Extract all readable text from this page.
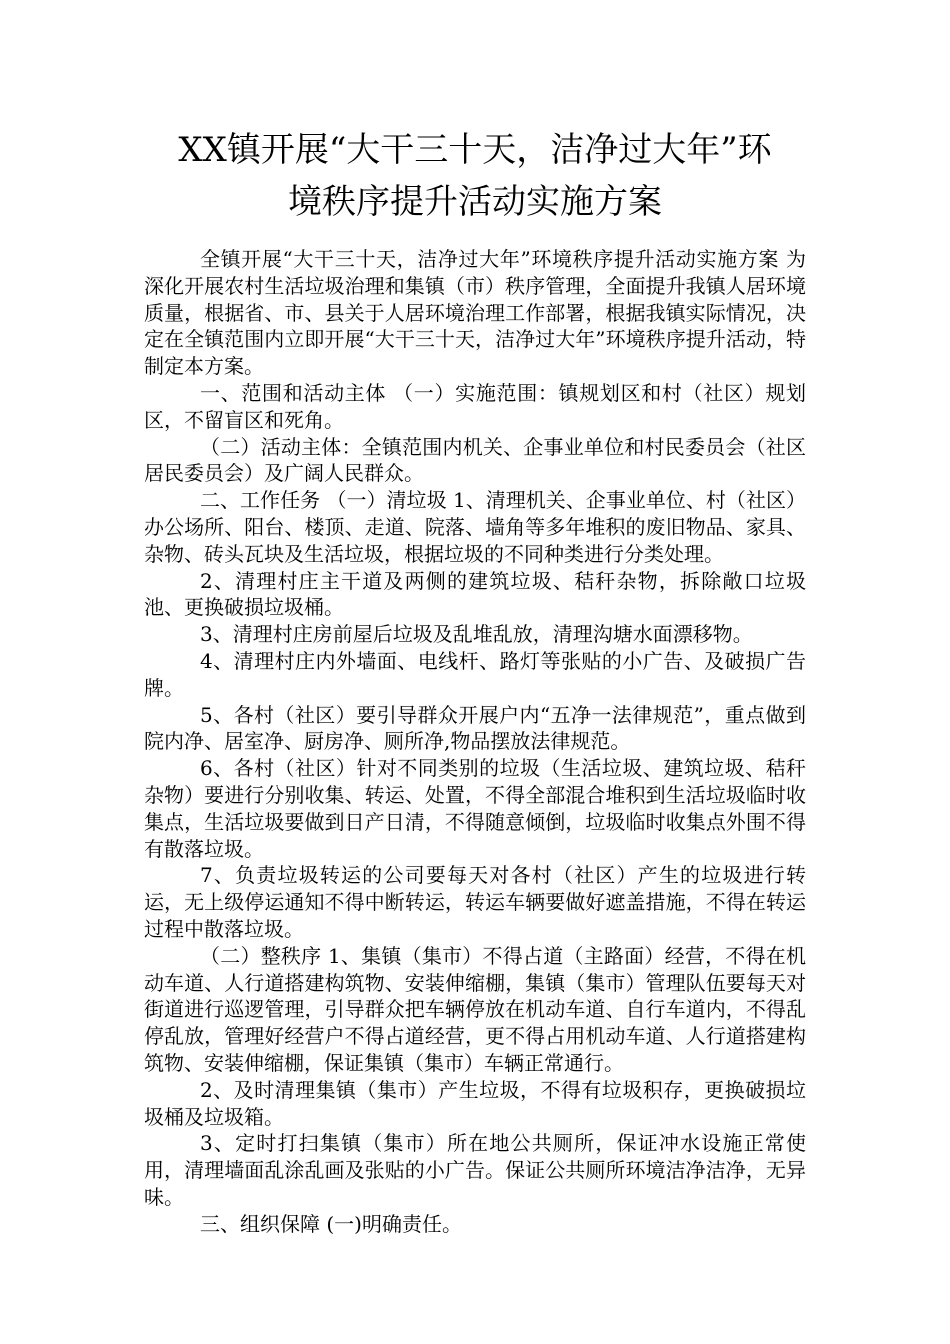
XX镇开展“大干三十天，洁净过大年”环
境秩序提升活动实施方案

全镇开展“大干三十天，洁净过大年”环境秩序提升活动实施方案 为深化开展农村生活垃圾治理和集镇（市）秩序管理，全面提升我镇人居环境质量，根据省、市、县关于人居环境治理工作部署，根据我镇实际情况，决定在全镇范围内立即开展“大干三十天，洁净过大年”环境秩序提升活动，特制定本方案。

一、范围和活动主体 （一）实施范围：镇规划区和村（社区）规划区，不留盲区和死角。

（二）活动主体：全镇范围内机关、企事业单位和村民委员会（社区居民委员会）及广阔人民群众。

二、工作任务 （一）清垃圾 1、清理机关、企事业单位、村（社区）办公场所、阳台、楼顶、走道、院落、墙角等多年堆积的废旧物品、家具、杂物、砖头瓦块及生活垃圾，根据垃圾的不同种类进行分类处理。

2、清理村庄主干道及两侧的建筑垃圾、秸秆杂物，拆除敞口垃圾池、更换破损垃圾桶。

3、清理村庄房前屋后垃圾及乱堆乱放，清理沟塘水面漂移物。

4、清理村庄内外墙面、电线杆、路灯等张贴的小广告、及破损广告牌。

5、各村（社区）要引导群众开展户内“五净一法律规范”，重点做到院内净、居室净、厨房净、厕所净,物品摆放法律规范。

6、各村（社区）针对不同类别的垃圾（生活垃圾、建筑垃圾、秸秆杂物）要进行分别收集、转运、处置，不得全部混合堆积到生活垃圾临时收集点，生活垃圾要做到日产日清，不得随意倾倒，垃圾临时收集点外围不得有散落垃圾。

7、负责垃圾转运的公司要每天对各村（社区）产生的垃圾进行转运，无上级停运通知不得中断转运，转运车辆要做好遮盖措施，不得在转运过程中散落垃圾。

（二）整秩序 1、集镇（集市）不得占道（主路面）经营，不得在机动车道、人行道搭建构筑物、安装伸缩棚，集镇（集市）管理队伍要每天对街道进行巡逻管理，引导群众把车辆停放在机动车道、自行车道内，不得乱停乱放，管理好经营户不得占道经营，更不得占用机动车道、人行道搭建构筑物、安装伸缩棚，保证集镇（集市）车辆正常通行。

2、及时清理集镇（集市）产生垃圾，不得有垃圾积存，更换破损垃圾桶及垃圾箱。

3、定时打扫集镇（集市）所在地公共厕所，保证冲水设施正常使用，清理墙面乱涂乱画及张贴的小广告。保证公共厕所环境洁净洁净，无异味。

三、组织保障 (一)明确责任。
